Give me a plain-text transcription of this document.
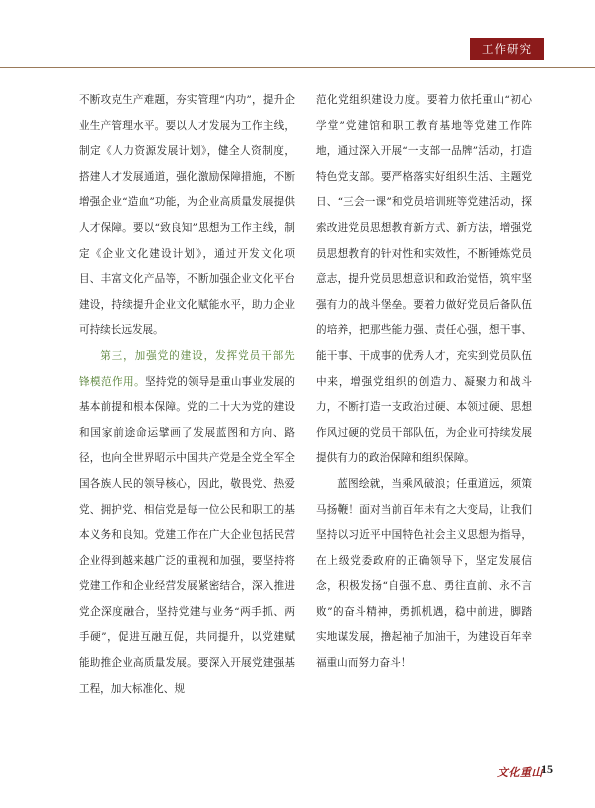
工作研究

不断攻克生产难题，夯实管理“内功”，提升企业生产管理水平。要以人才发展为工作主线，制定《人力资源发展计划》，健全人资制度，搭建人才发展通道，强化激励保障措施，不断增强企业“造血”功能，为企业高质量发展提供人才保障。要以“致良知”思想为工作主线，制定《企业文化建设计划》，通过开发文化项目、丰富文化产品等，不断加强企业文化平台建设，持续提升企业文化赋能水平，助力企业可持续长远发展。

第三，加强党的建设，发挥党员干部先锋模范作用。坚持党的领导是重山事业发展的基本前提和根本保障。党的二十大为党的建设和国家前途命运擘画了发展蓝图和方向、路径，也向全世界昭示中国共产党是全党全军全国各族人民的领导核心，因此，敬畏党、热爱党、拥护党、相信党是每一位公民和职工的基本义务和良知。党建工作在广大企业包括民营企业得到越来越广泛的重视和加强，要坚持将党建工作和企业经营发展紧密结合，深入推进党企深度融合，坚持党建与业务“两手抓、两手硬”，促进互融互促，共同提升，以党建赋能助推企业高质量发展。要深入开展党建强基工程，加大标准化、规

范化党组织建设力度。要着力依托重山“初心学堂”党建馆和职工教育基地等党建工作阵地，通过深入开展“一支部一品牌”活动，打造特色党支部。要严格落实好组织生活、主题党日、“三会一课”和党员培训班等党建活动，探索改进党员思想教育新方式、新方法，增强党员思想教育的针对性和实效性，不断锤炼党员意志，提升党员思想意识和政治觉悟，筑牢坚强有力的战斗堡垒。要着力做好党员后备队伍的培养，把那些能力强、责任心强，想干事、能干事、干成事的优秀人才，充实到党员队伍中来，增强党组织的创造力、凝聚力和战斗力，不断打造一支政治过硬、本领过硬、思想作风过硬的党员干部队伍，为企业可持续发展提供有力的政治保障和组织保障。

蓝图绘就，当乘风破浪；任重道远，须策马扬鞭！面对当前百年未有之大变局，让我们坚持以习近平中国特色社会主义思想为指导，在上级党委政府的正确领导下，坚定发展信念，积极发扬“自强不息、勇往直前、永不言败”的奋斗精神，勇抓机遇，稳中前进，脚踏实地谋发展，撸起袖子加油干，为建设百年幸福重山而努力奋斗！

文化重山
15
